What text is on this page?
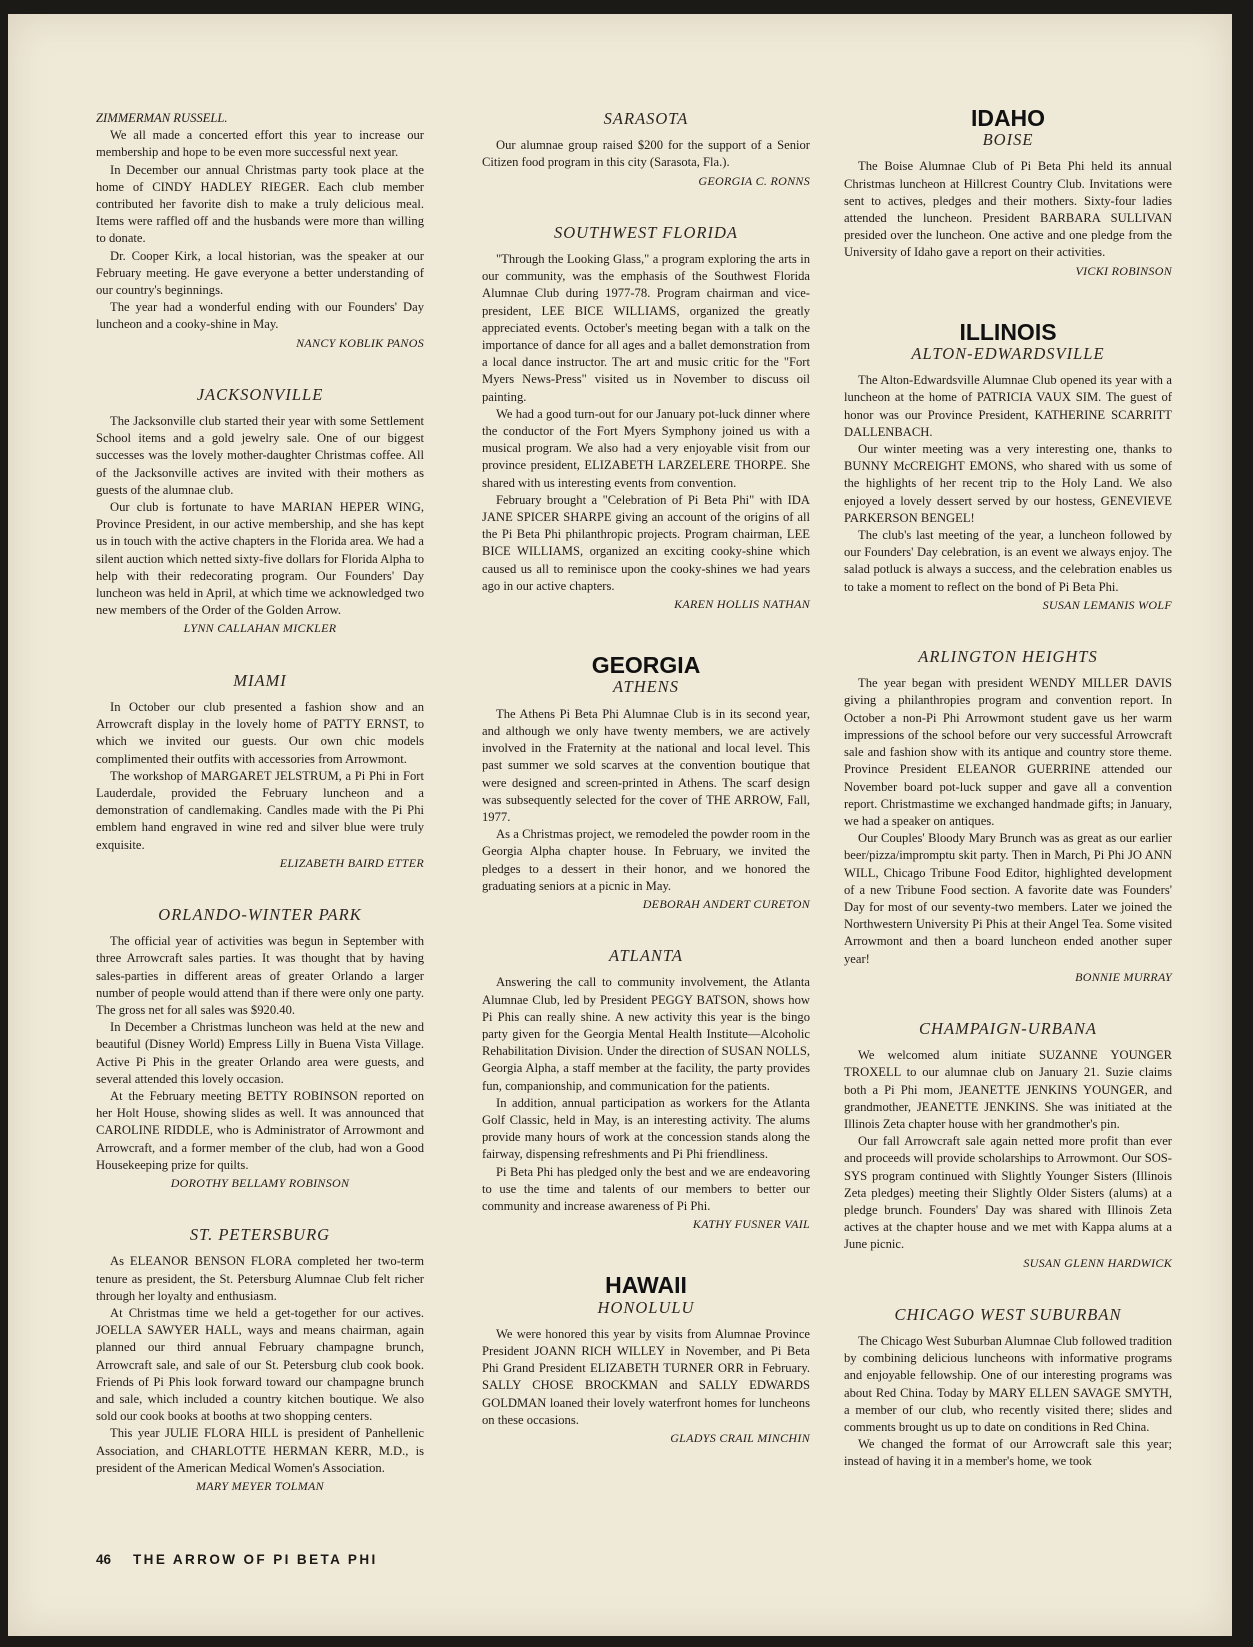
ZIMMERMAN RUSSELL.

We all made a concerted effort this year to increase our membership and hope to be even more successful next year.

In December our annual Christmas party took place at the home of CINDY HADLEY RIEGER. Each club member contributed her favorite dish to make a truly delicious meal. Items were raffled off and the husbands were more than willing to donate.

Dr. Cooper Kirk, a local historian, was the speaker at our February meeting. He gave everyone a better understanding of our country's beginnings.

The year had a wonderful ending with our Founders' Day luncheon and a cooky-shine in May.

NANCY KOBLIK PANOS
JACKSONVILLE

The Jacksonville club started their year with some Settlement School items and a gold jewelry sale. One of our biggest successes was the lovely mother-daughter Christmas coffee. All of the Jacksonville actives are invited with their mothers as guests of the alumnae club.

Our club is fortunate to have MARIAN HEPER WING, Province President, in our active membership, and she has kept us in touch with the active chapters in the Florida area. We had a silent auction which netted sixty-five dollars for Florida Alpha to help with their redecorating program. Our Founders' Day luncheon was held in April, at which time we acknowledged two new members of the Order of the Golden Arrow.

LYNN CALLAHAN MICKLER
MIAMI

In October our club presented a fashion show and an Arrowcraft display in the lovely home of PATTY ERNST, to which we invited our guests. Our own chic models complimented their outfits with accessories from Arrowmont.

The workshop of MARGARET JELSTRUM, a Pi Phi in Fort Lauderdale, provided the February luncheon and a demonstration of candlemaking. Candles made with the Pi Phi emblem hand engraved in wine red and silver blue were truly exquisite.

ELIZABETH BAIRD ETTER
ORLANDO-WINTER PARK

The official year of activities was begun in September with three Arrowcraft sales parties. It was thought that by having sales-parties in different areas of greater Orlando a larger number of people would attend than if there were only one party. The gross net for all sales was $920.40.

In December a Christmas luncheon was held at the new and beautiful (Disney World) Empress Lilly in Buena Vista Village. Active Pi Phis in the greater Orlando area were guests, and several attended this lovely occasion.

At the February meeting BETTY ROBINSON reported on her Holt House, showing slides as well. It was announced that CAROLINE RIDDLE, who is Administrator of Arrowmont and Arrowcraft, and a former member of the club, had won a Good Housekeeping prize for quilts.

DOROTHY BELLAMY ROBINSON
ST. PETERSBURG

As ELEANOR BENSON FLORA completed her two-term tenure as president, the St. Petersburg Alumnae Club felt richer through her loyalty and enthusiasm.

At Christmas time we held a get-together for our actives. JOELLA SAWYER HALL, ways and means chairman, again planned our third annual February champagne brunch, Arrowcraft sale, and sale of our St. Petersburg club cook book. Friends of Pi Phis look forward toward our champagne brunch and sale, which included a country kitchen boutique. We also sold our cook books at booths at two shopping centers.

This year JULIE FLORA HILL is president of Panhellenic Association, and CHARLOTTE HERMAN KERR, M.D., is president of the American Medical Women's Association.

MARY MEYER TOLMAN
SARASOTA

Our alumnae group raised $200 for the support of a Senior Citizen food program in this city (Sarasota, Fla.).

GEORGIA C. RONNS
SOUTHWEST FLORIDA

"Through the Looking Glass," a program exploring the arts in our community, was the emphasis of the Southwest Florida Alumnae Club during 1977-78. Program chairman and vice-president, LEE BICE WILLIAMS, organized the greatly appreciated events. October's meeting began with a talk on the importance of dance for all ages and a ballet demonstration from a local dance instructor. The art and music critic for the "Fort Myers News-Press" visited us in November to discuss oil painting.

We had a good turn-out for our January pot-luck dinner where the conductor of the Fort Myers Symphony joined us with a musical program. We also had a very enjoyable visit from our province president, ELIZABETH LARZELERE THORPE. She shared with us interesting events from convention.

February brought a "Celebration of Pi Beta Phi" with IDA JANE SPICER SHARPE giving an account of the origins of all the Pi Beta Phi philanthropic projects. Program chairman, LEE BICE WILLIAMS, organized an exciting cooky-shine which caused us all to reminisce upon the cooky-shines we had years ago in our active chapters.

KAREN HOLLIS NATHAN
GEORGIA
ATHENS

The Athens Pi Beta Phi Alumnae Club is in its second year, and although we only have twenty members, we are actively involved in the Fraternity at the national and local level. This past summer we sold scarves at the convention boutique that were designed and screen-printed in Athens. The scarf design was subsequently selected for the cover of THE ARROW, Fall, 1977.

As a Christmas project, we remodeled the powder room in the Georgia Alpha chapter house. In February, we invited the pledges to a dessert in their honor, and we honored the graduating seniors at a picnic in May.

DEBORAH ANDERT CURETON
ATLANTA

Answering the call to community involvement, the Atlanta Alumnae Club, led by President PEGGY BATSON, shows how Pi Phis can really shine. A new activity this year is the bingo party given for the Georgia Mental Health Institute—Alcoholic Rehabilitation Division. Under the direction of SUSAN NOLLS, Georgia Alpha, a staff member at the facility, the party provides fun, companionship, and communication for the patients.

In addition, annual participation as workers for the Atlanta Golf Classic, held in May, is an interesting activity. The alums provide many hours of work at the concession stands along the fairway, dispensing refreshments and Pi Phi friendliness.

Pi Beta Phi has pledged only the best and we are endeavoring to use the time and talents of our members to better our community and increase awareness of Pi Phi.

KATHY FUSNER VAIL
HAWAII
HONOLULU

We were honored this year by visits from Alumnae Province President JOANN RICH WILLEY in November, and Pi Beta Phi Grand President ELIZABETH TURNER ORR in February. SALLY CHOSE BROCKMAN and SALLY EDWARDS GOLDMAN loaned their lovely waterfront homes for luncheons on these occasions.

GLADYS CRAIL MINCHIN
IDAHO
BOISE

The Boise Alumnae Club of Pi Beta Phi held its annual Christmas luncheon at Hillcrest Country Club. Invitations were sent to actives, pledges and their mothers. Sixty-four ladies attended the luncheon. President BARBARA SULLIVAN presided over the luncheon. One active and one pledge from the University of Idaho gave a report on their activities.

VICKI ROBINSON
ILLINOIS
ALTON-EDWARDSVILLE

The Alton-Edwardsville Alumnae Club opened its year with a luncheon at the home of PATRICIA VAUX SIM. The guest of honor was our Province President, KATHERINE SCARRITT DALLENBACH.

Our winter meeting was a very interesting one, thanks to BUNNY McCREIGHT EMONS, who shared with us some of the highlights of her recent trip to the Holy Land. We also enjoyed a lovely dessert served by our hostess, GENEVIEVE PARKERSON BENGEL!

The club's last meeting of the year, a luncheon followed by our Founders' Day celebration, is an event we always enjoy. The salad potluck is always a success, and the celebration enables us to take a moment to reflect on the bond of Pi Beta Phi.

SUSAN LEMANIS WOLF
ARLINGTON HEIGHTS

The year began with president WENDY MILLER DAVIS giving a philanthropies program and convention report. In October a non-Pi Phi Arrowmont student gave us her warm impressions of the school before our very successful Arrowcraft sale and fashion show with its antique and country store theme. Province President ELEANOR GUERRINE attended our November board pot-luck supper and gave all a convention report. Christmastime we exchanged handmade gifts; in January, we had a speaker on antiques.

Our Couples' Bloody Mary Brunch was as great as our earlier beer/pizza/impromptu skit party. Then in March, Pi Phi JO ANN WILL, Chicago Tribune Food Editor, highlighted development of a new Tribune Food section. A favorite date was Founders' Day for most of our seventy-two members. Later we joined the Northwestern University Pi Phis at their Angel Tea. Some visited Arrowmont and then a board luncheon ended another super year!

BONNIE MURRAY
CHAMPAIGN-URBANA

We welcomed alum initiate SUZANNE YOUNGER TROXELL to our alumnae club on January 21. Suzie claims both a Pi Phi mom, JEANETTE JENKINS YOUNGER, and grandmother, JEANETTE JENKINS. She was initiated at the Illinois Zeta chapter house with her grandmother's pin.

Our fall Arrowcraft sale again netted more profit than ever and proceeds will provide scholarships to Arrowmont. Our SOS-SYS program continued with Slightly Younger Sisters (Illinois Zeta pledges) meeting their Slightly Older Sisters (alums) at a pledge brunch. Founders' Day was shared with Illinois Zeta actives at the chapter house and we met with Kappa alums at a June picnic.

SUSAN GLENN HARDWICK
CHICAGO WEST SUBURBAN

The Chicago West Suburban Alumnae Club followed tradition by combining delicious luncheons with informative programs and enjoyable fellowship. One of our interesting programs was about Red China. Today by MARY ELLEN SAVAGE SMYTH, a member of our club, who recently visited there; slides and comments brought us up to date on conditions in Red China.

We changed the format of our Arrowcraft sale this year; instead of having it in a member's home, we took

46 THE ARROW OF PI BETA PHI
